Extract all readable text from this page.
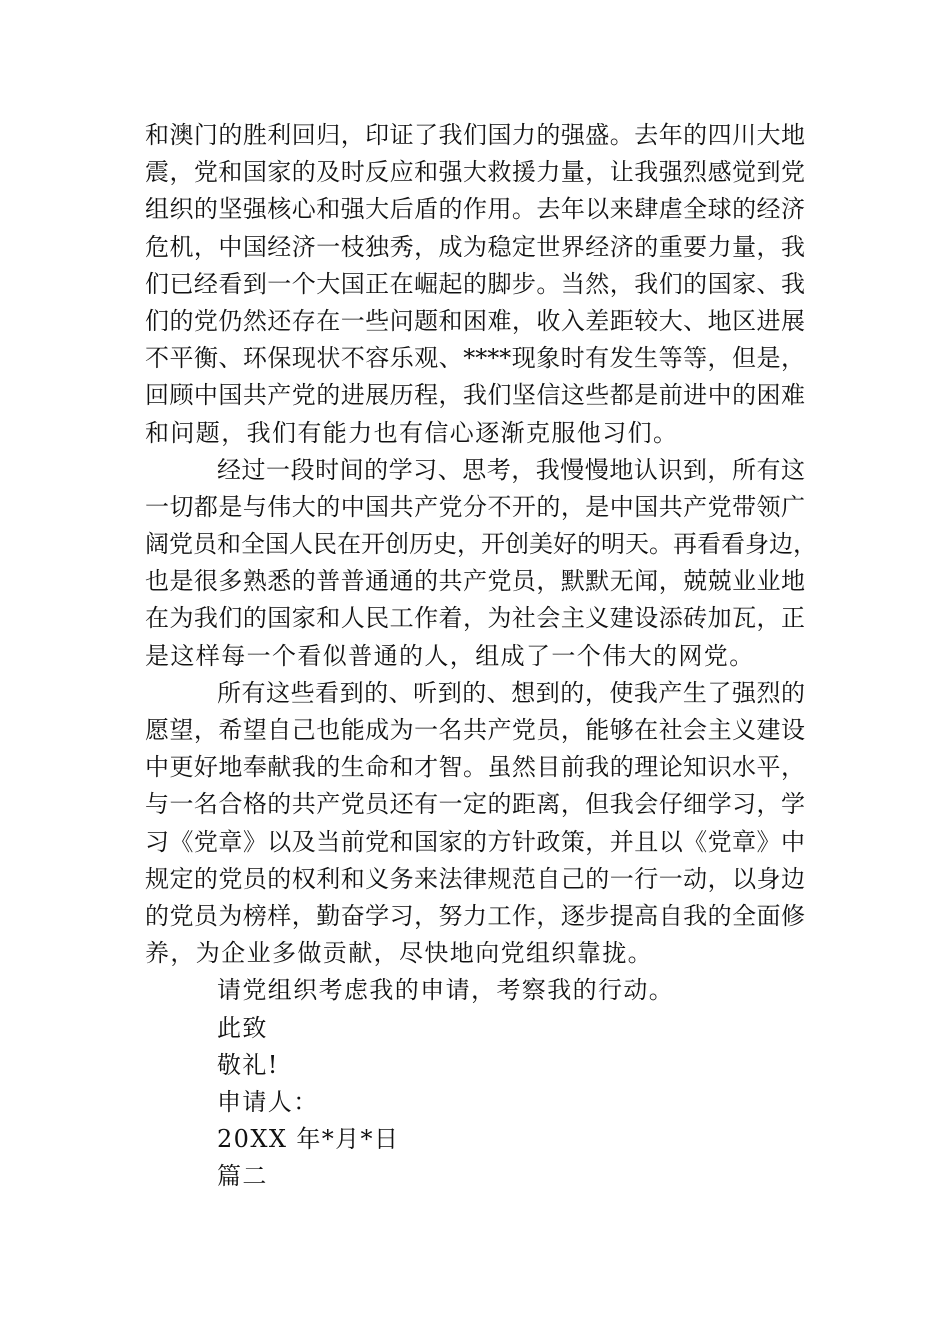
和澳门的胜利回归，印证了我们国力的强盛。去年的四川大地
震，党和国家的及时反应和强大救援力量，让我强烈感觉到党
组织的坚强核心和强大后盾的作用。去年以来肆虐全球的经济
危机，中国经济一枝独秀，成为稳定世界经济的重要力量，我
们已经看到一个大国正在崛起的脚步。当然，我们的国家、我
们的党仍然还存在一些问题和困难，收入差距较大、地区进展
不平衡、环保现状不容乐观、****现象时有发生等等，但是，
回顾中国共产党的进展历程，我们坚信这些都是前进中的困难
和问题，我们有能力也有信心逐渐克服他习们。
经过一段时间的学习、思考，我慢慢地认识到，所有这
一切都是与伟大的中国共产党分不开的，是中国共产党带领广
阔党员和全国人民在开创历史，开创美好的明天。再看看身边，
也是很多熟悉的普普通通的共产党员，默默无闻，兢兢业业地
在为我们的国家和人民工作着，为社会主义建设添砖加瓦，正
是这样每一个看似普通的人，组成了一个伟大的网党。
所有这些看到的、听到的、想到的，使我产生了强烈的
愿望，希望自己也能成为一名共产党员，能够在社会主义建设
中更好地奉献我的生命和才智。虽然目前我的理论知识水平，
与一名合格的共产党员还有一定的距离，但我会仔细学习，学
习《党章》以及当前党和国家的方针政策，并且以《党章》中
规定的党员的权利和义务来法律规范自己的一行一动，以身边
的党员为榜样，勤奋学习，努力工作，逐步提高自我的全面修
养，为企业多做贡献，尽快地向党组织靠拢。
请党组织考虑我的申请，考察我的行动。
此致
敬礼!
申请人：
20XX 年*月*日
篇二
